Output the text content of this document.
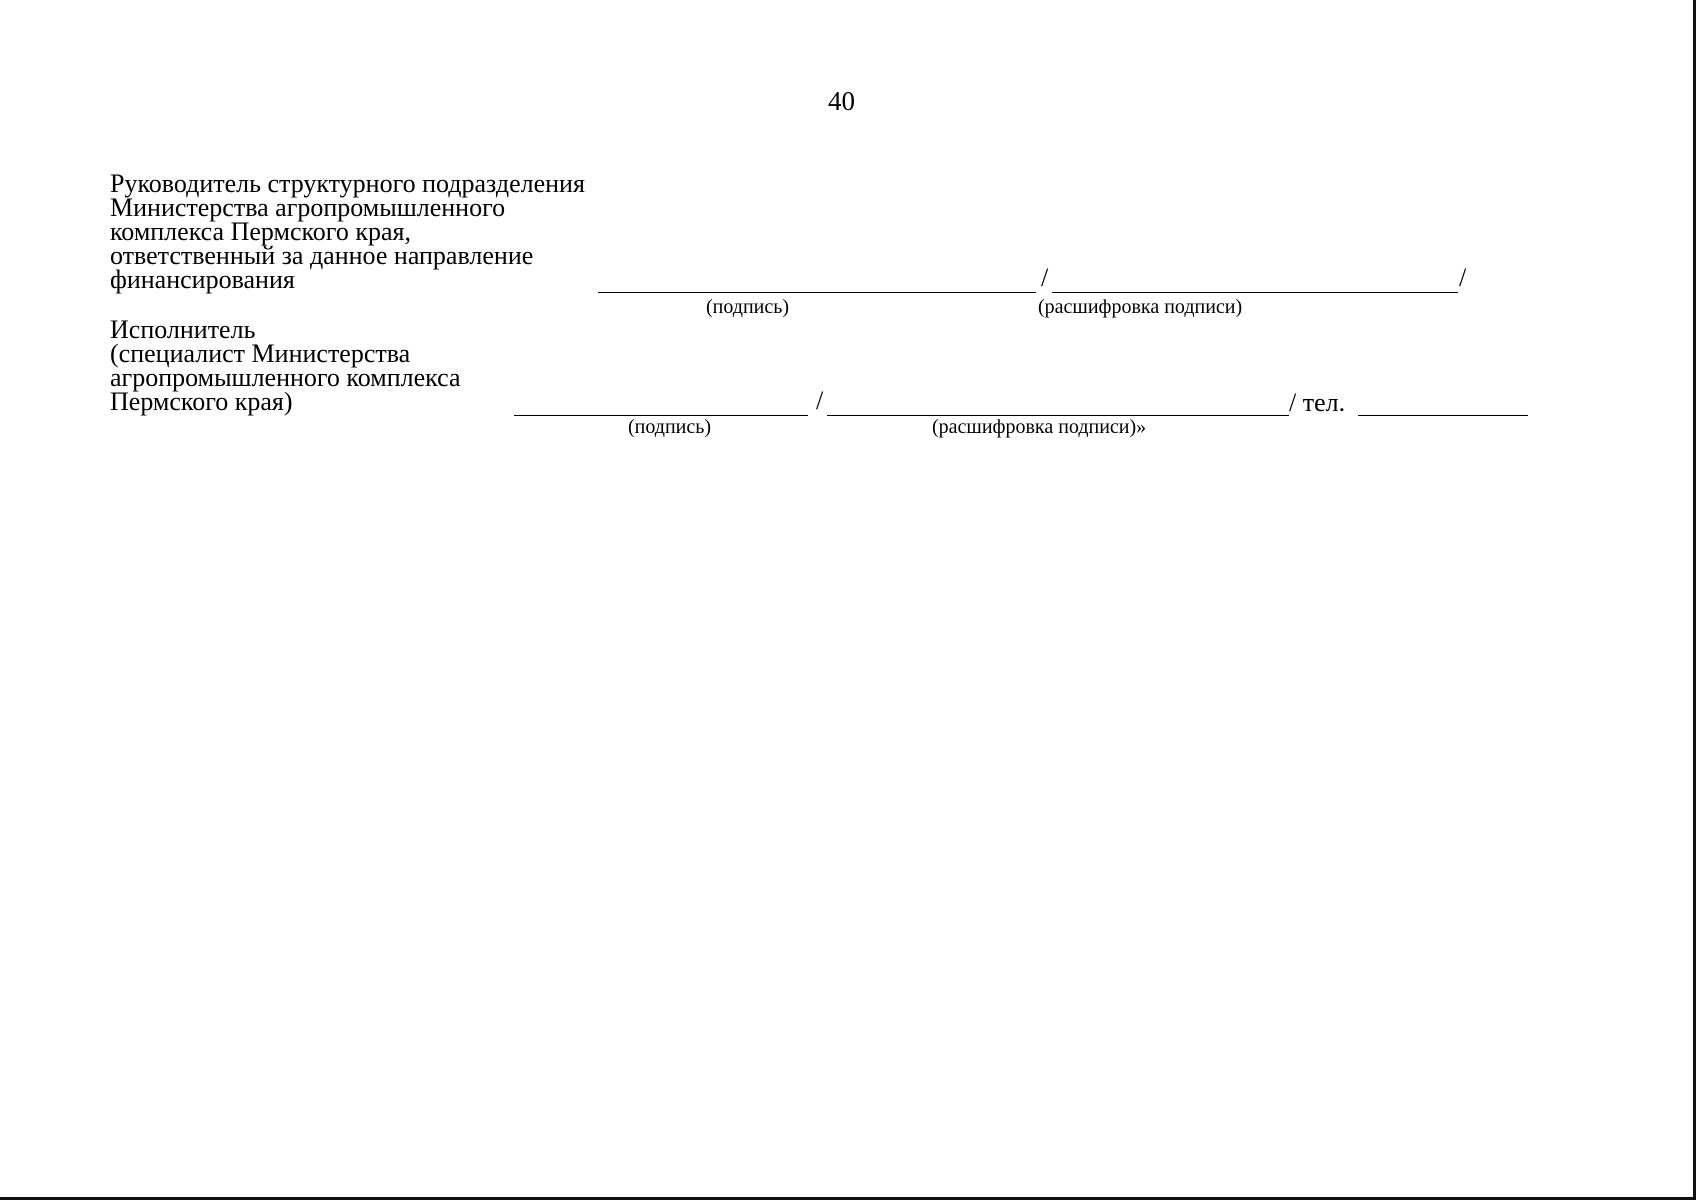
40
Руководитель структурного подразделения
Министерства агропромышленного
комплекса Пермского края,
ответственный за данное направление
финансирования	/	/
(подпись)	(расшифровка подписи)
Исполнитель
(специалист Министерства
агропромышленного комплекса
Пермского края)	/	/ тел.
(подпись)	(расшифровка подписи)»
